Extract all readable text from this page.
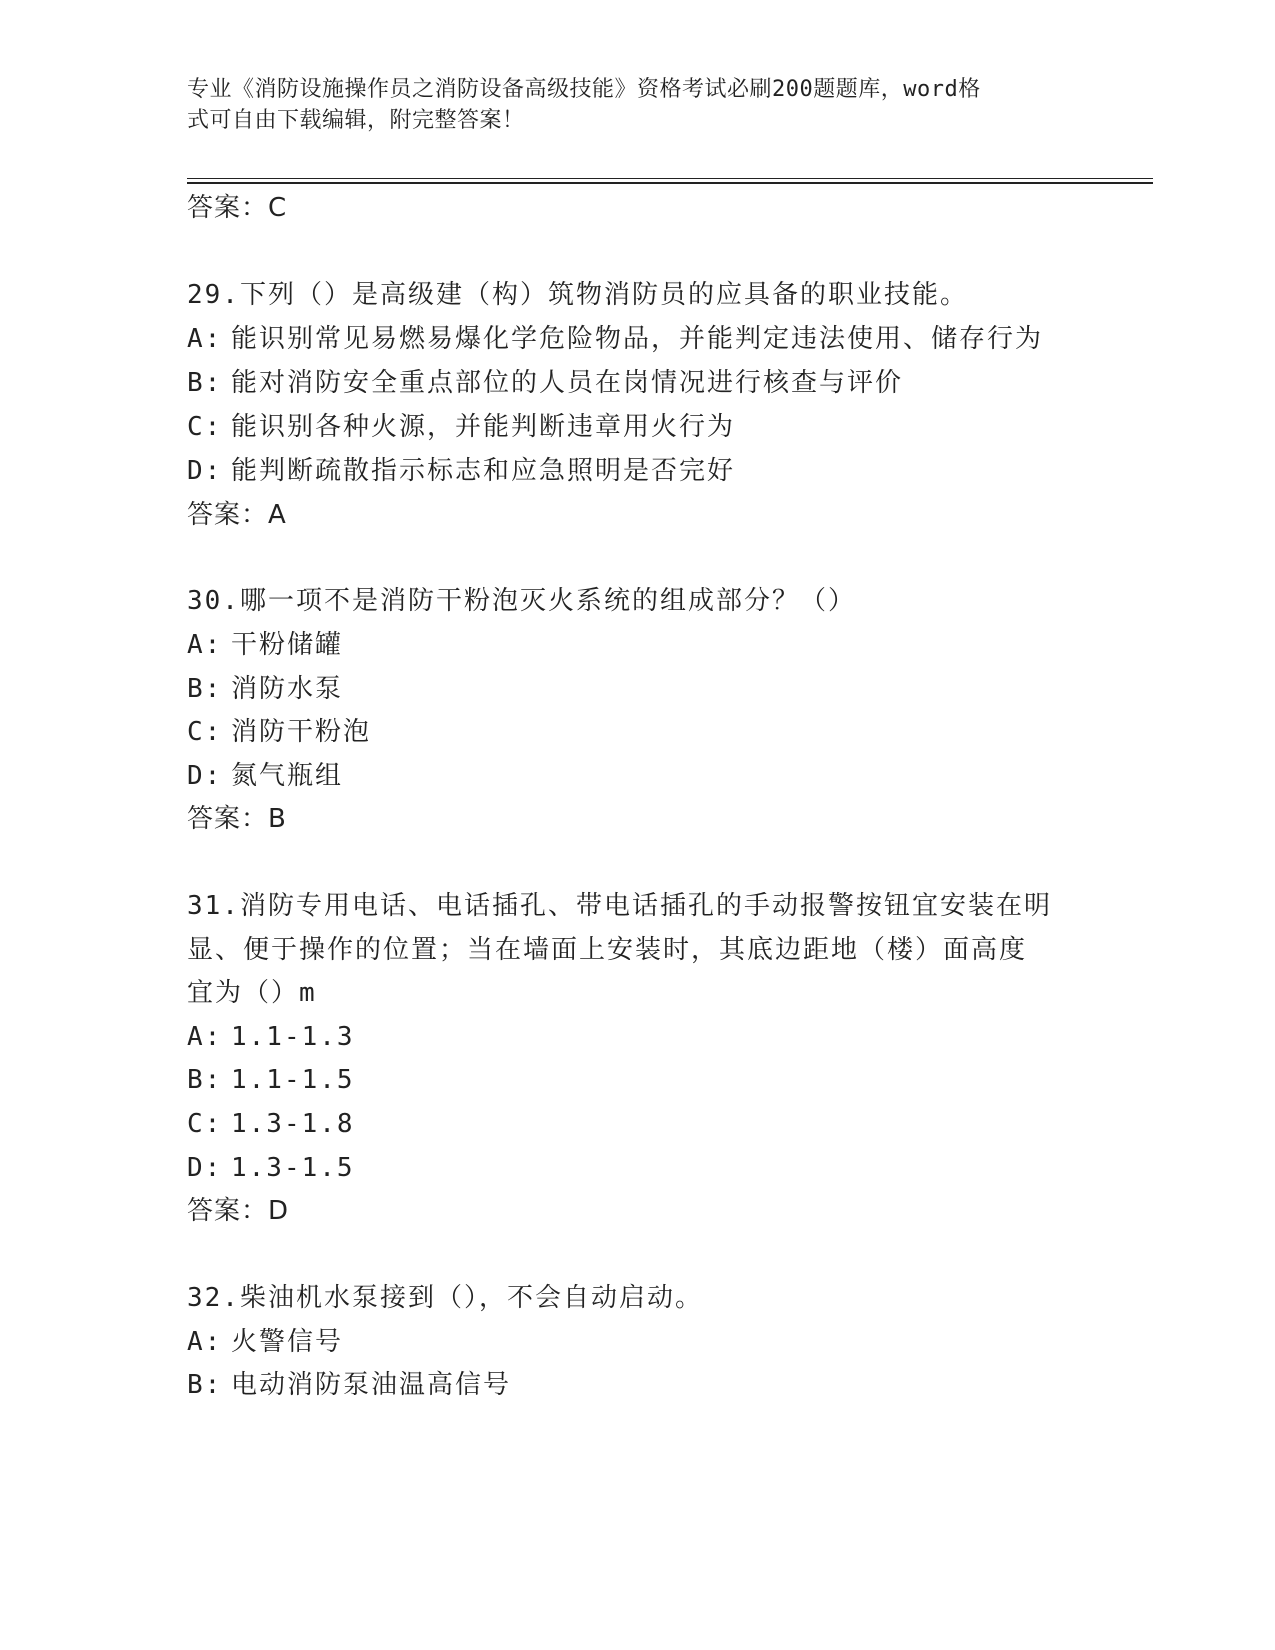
专业《消防设施操作员之消防设备高级技能》资格考试必刷200题题库，word格
式可自由下载编辑，附完整答案！
答案：C
29.下列（）是高级建（构）筑物消防员的应具备的职业技能。
A: 能识别常见易燃易爆化学危险物品，并能判定违法使用、储存行为
B: 能对消防安全重点部位的人员在岗情况进行核查与评价
C: 能识别各种火源，并能判断违章用火行为
D: 能判断疏散指示标志和应急照明是否完好
答案：A
30.哪一项不是消防干粉泡灭火系统的组成部分？（）
A: 干粉储罐
B: 消防水泵
C: 消防干粉泡
D: 氮气瓶组
答案：B
31.消防专用电话、电话插孔、带电话插孔的手动报警按钮宜安装在明
显、便于操作的位置；当在墙面上安装时，其底边距地（楼）面高度
宜为（）m
A: 1.1-1.3
B: 1.1-1.5
C: 1.3-1.8
D: 1.3-1.5
答案：D
32.柴油机水泵接到（），不会自动启动。
A: 火警信号
B: 电动消防泵油温高信号
